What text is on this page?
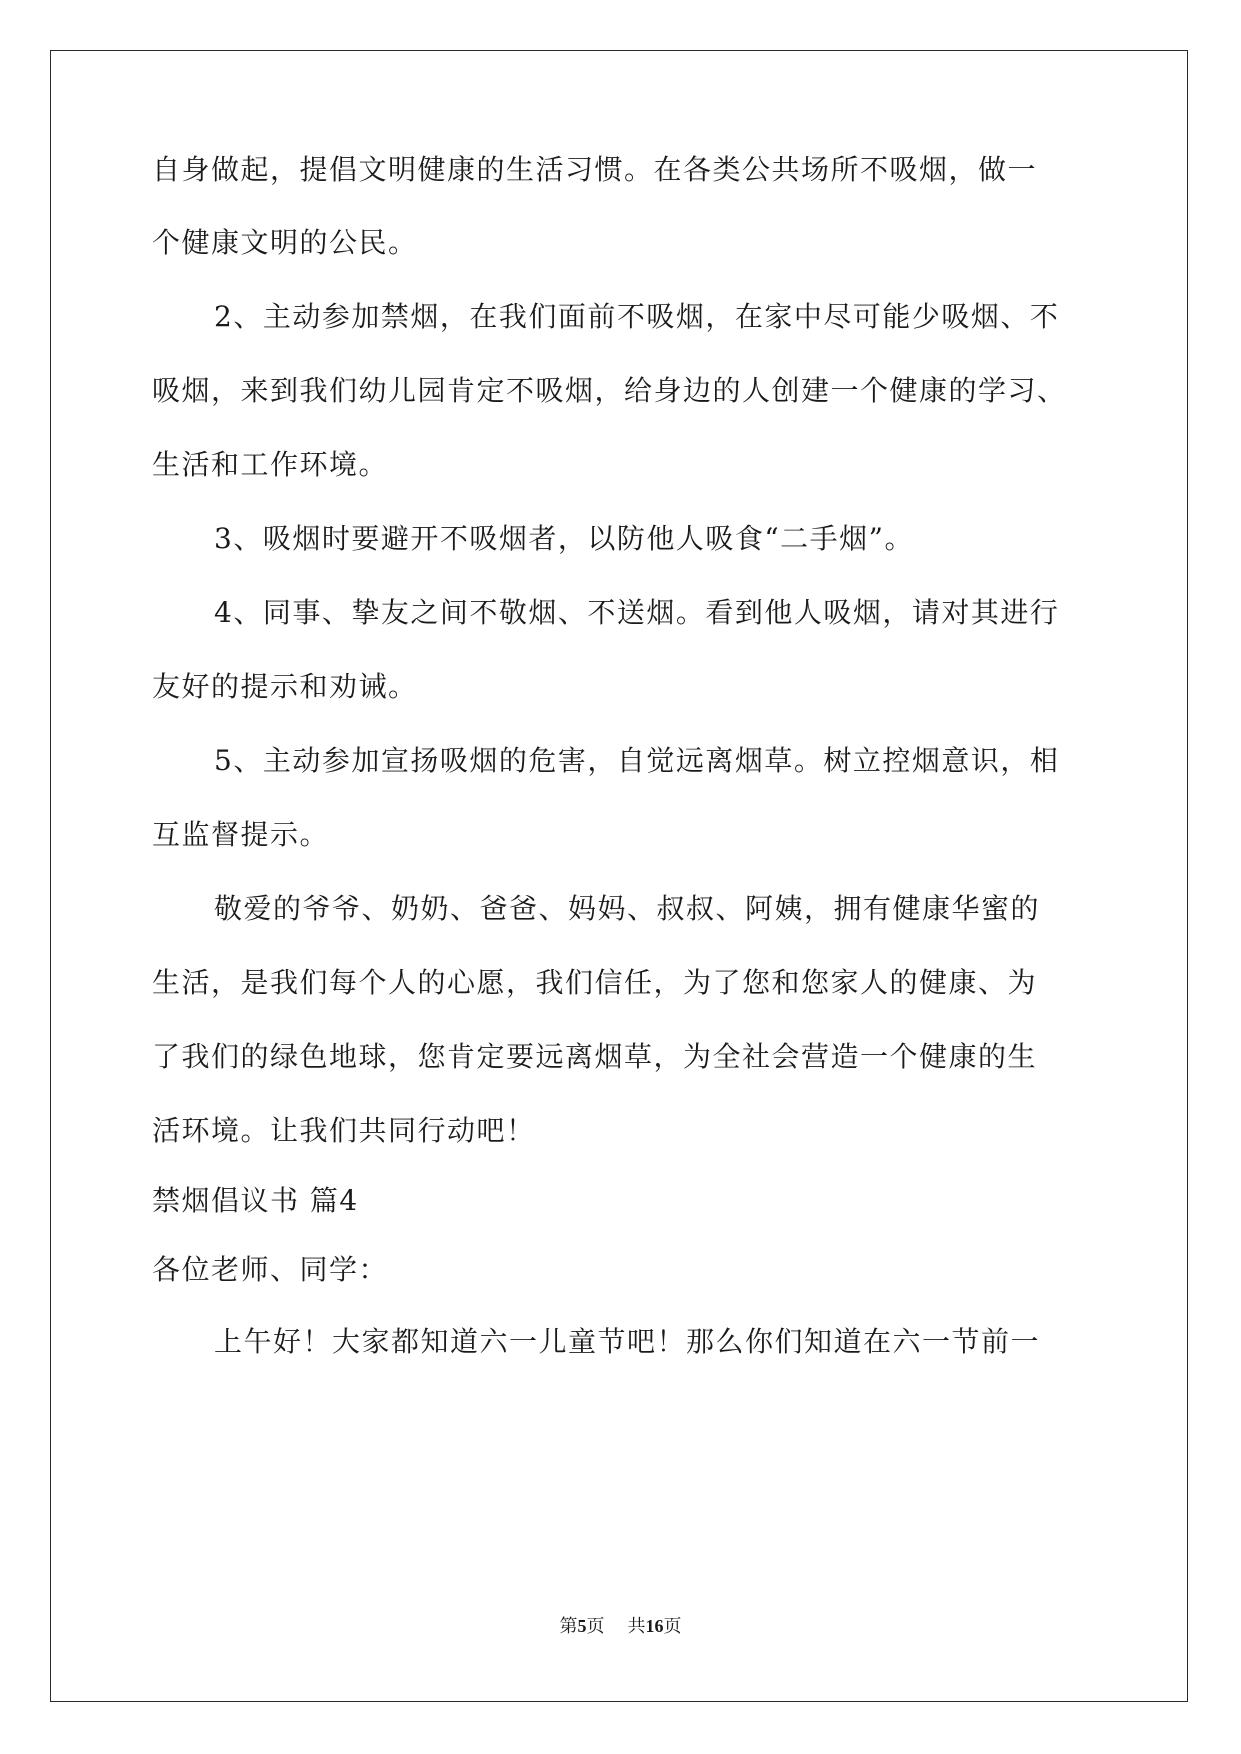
自身做起，提倡文明健康的生活习惯。在各类公共场所不吸烟，做一
个健康文明的公民。
2、主动参加禁烟，在我们面前不吸烟，在家中尽可能少吸烟、不
吸烟，来到我们幼儿园肯定不吸烟，给身边的人创建一个健康的学习、
生活和工作环境。
3、吸烟时要避开不吸烟者，以防他人吸食“二手烟”。
4、同事、挚友之间不敬烟、不送烟。看到他人吸烟，请对其进行
友好的提示和劝诫。
5、主动参加宣扬吸烟的危害，自觉远离烟草。树立控烟意识，相
互监督提示。
敬爱的爷爷、奶奶、爸爸、妈妈、叔叔、阿姨，拥有健康华蜜的
生活，是我们每个人的心愿，我们信任，为了您和您家人的健康、为
了我们的绿色地球，您肯定要远离烟草，为全社会营造一个健康的生
活环境。让我们共同行动吧！
禁烟倡议书 篇4
各位老师、同学：
上午好！大家都知道六一儿童节吧！那么你们知道在六一节前一
第5页 共16页
